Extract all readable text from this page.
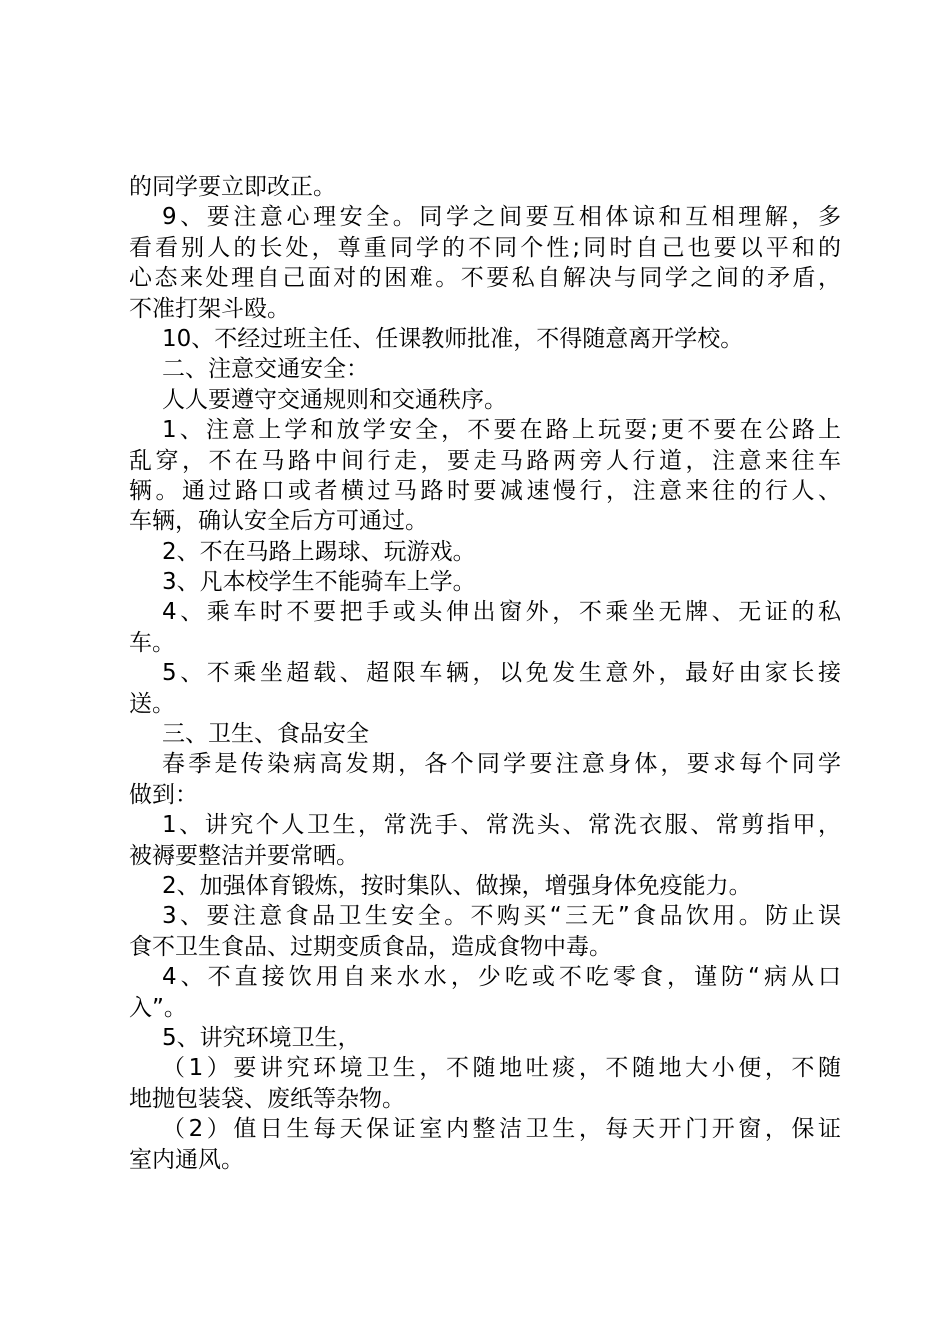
的同学要立即改正。
9、要注意心理安全。同学之间要互相体谅和互相理解，多
看看别人的长处，尊重同学的不同个性;同时自己也要以平和的
心态来处理自己面对的困难。不要私自解决与同学之间的矛盾，
不准打架斗殴。
10、不经过班主任、任课教师批准，不得随意离开学校。
二、注意交通安全：
人人要遵守交通规则和交通秩序。
1、注意上学和放学安全，不要在路上玩耍;更不要在公路上
乱穿，不在马路中间行走，要走马路两旁人行道，注意来往车
辆。通过路口或者横过马路时要减速慢行，注意来往的行人、
车辆，确认安全后方可通过。
2、不在马路上踢球、玩游戏。
3、凡本校学生不能骑车上学。
4、乘车时不要把手或头伸出窗外，不乘坐无牌、无证的私
车。
5、不乘坐超载、超限车辆，以免发生意外，最好由家长接
送。
三、卫生、食品安全
春季是传染病高发期，各个同学要注意身体，要求每个同学
做到：
1、讲究个人卫生，常洗手、常洗头、常洗衣服、常剪指甲，
被褥要整洁并要常晒。
2、加强体育锻炼，按时集队、做操，增强身体免疫能力。
3、要注意食品卫生安全。不购买“三无”食品饮用。防止误
食不卫生食品、过期变质食品，造成食物中毒。
4、不直接饮用自来水水，少吃或不吃零食，谨防“病从口
入”。
5、讲究环境卫生，
（1）要讲究环境卫生，不随地吐痰，不随地大小便，不随
地抛包装袋、废纸等杂物。
（2）值日生每天保证室内整洁卫生，每天开门开窗，保证
室内通风。
